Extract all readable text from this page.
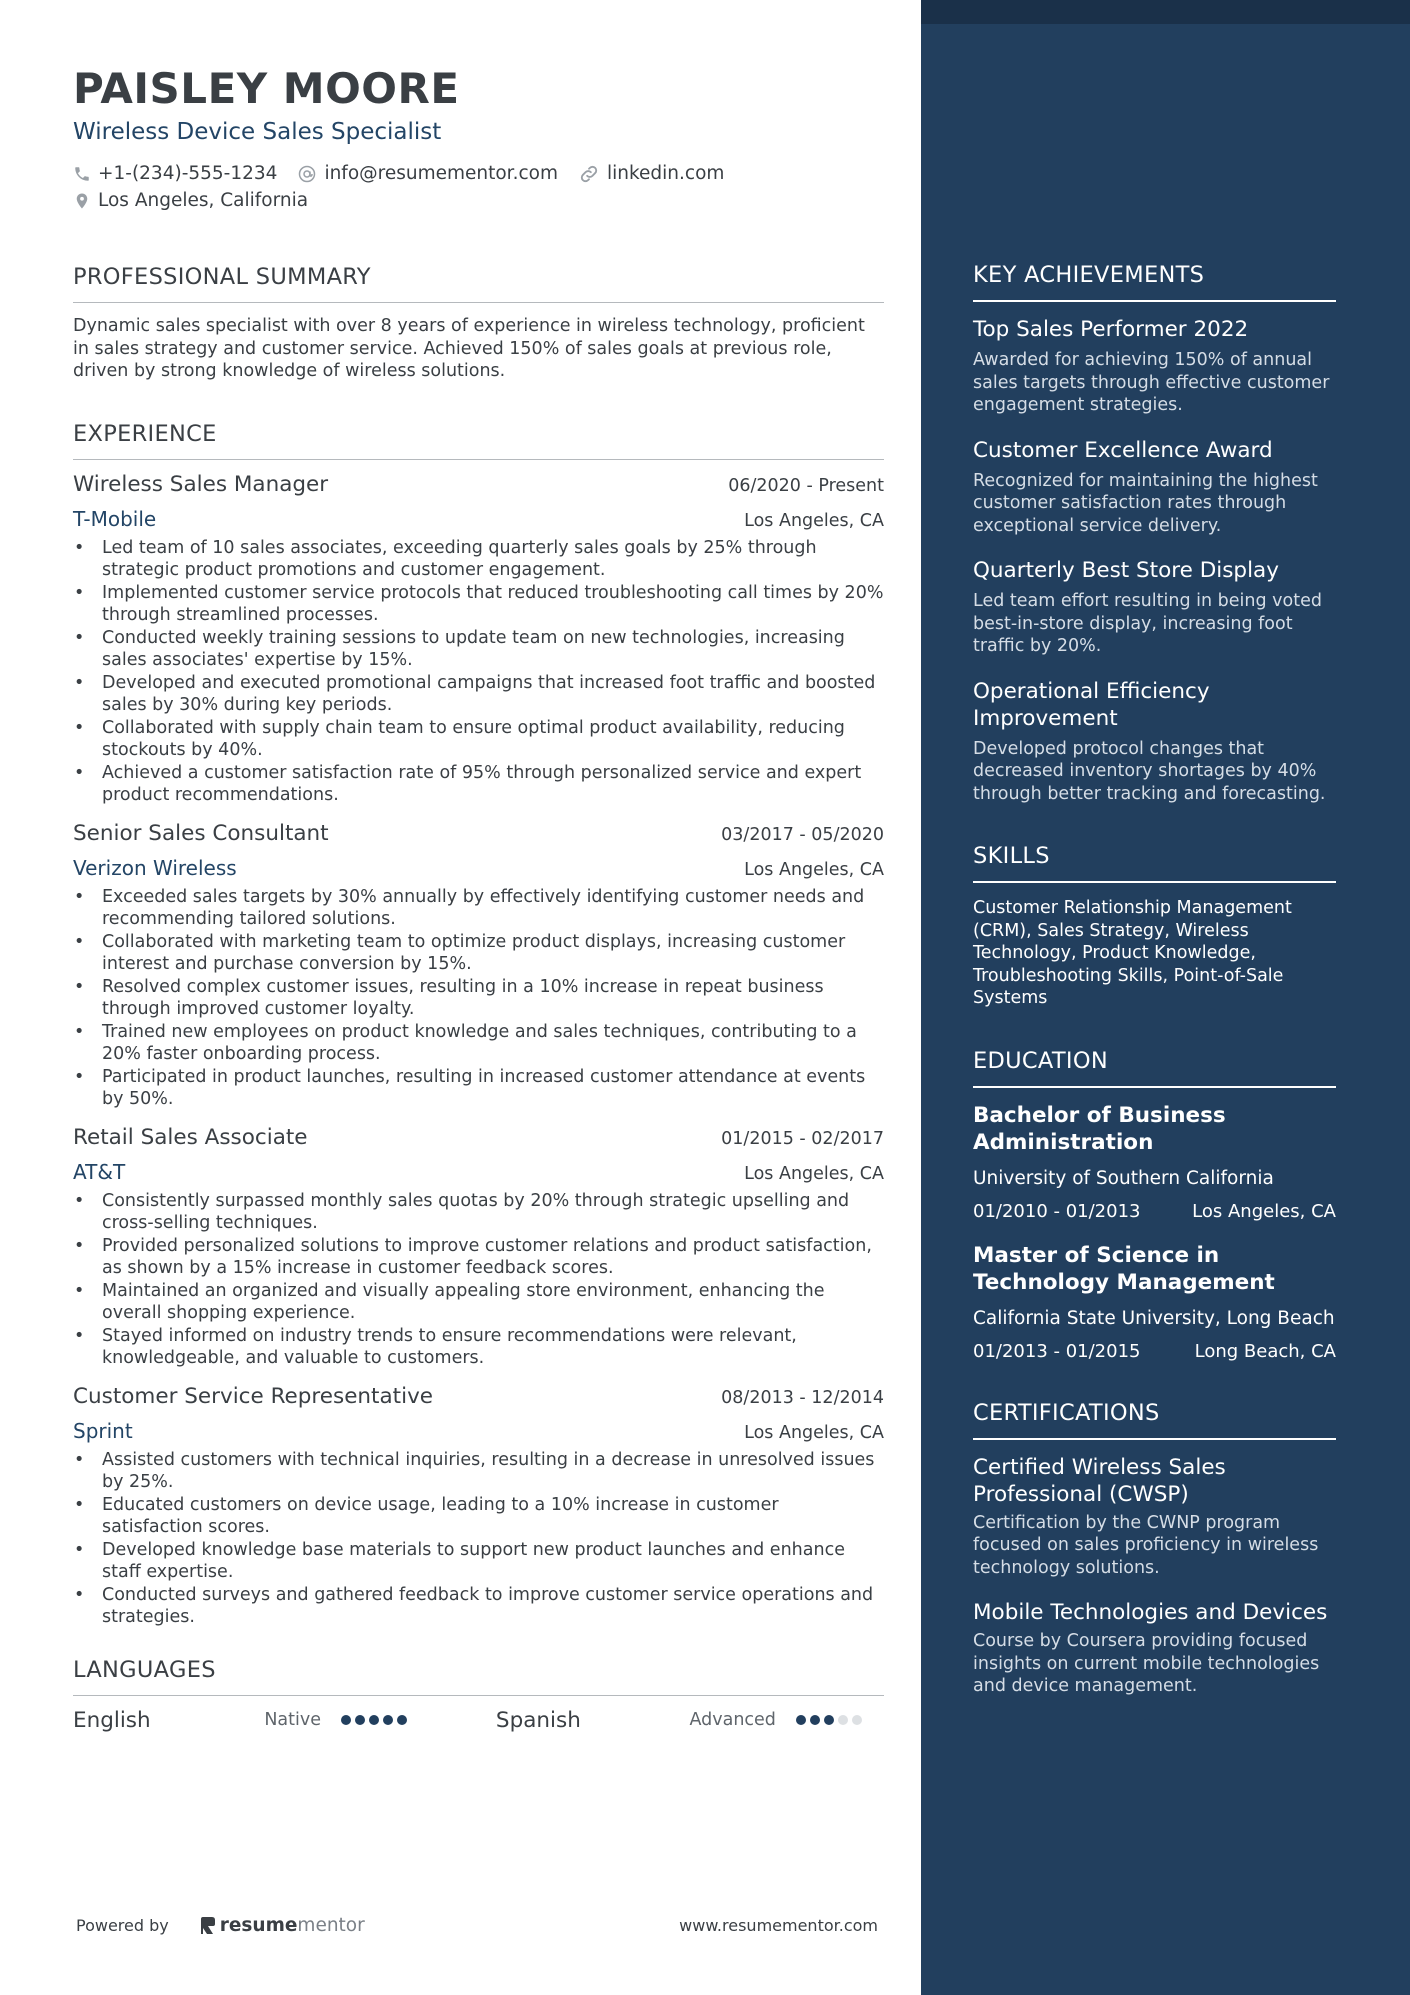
PAISLEY MOORE
Wireless Device Sales Specialist
+1-(234)-555-1234	info@resumementor.com	linkedin.com
Los Angeles, California
PROFESSIONAL SUMMARY
Dynamic sales specialist with over 8 years of experience in wireless technology, proficient in sales strategy and customer service. Achieved 150% of sales goals at previous role, driven by strong knowledge of wireless solutions.
EXPERIENCE
Wireless Sales Manager	06/2020 - Present
T-Mobile	Los Angeles, CA
• Led team of 10 sales associates, exceeding quarterly sales goals by 25% through strategic product promotions and customer engagement.
• Implemented customer service protocols that reduced troubleshooting call times by 20% through streamlined processes.
• Conducted weekly training sessions to update team on new technologies, increasing sales associates' expertise by 15%.
• Developed and executed promotional campaigns that increased foot traffic and boosted sales by 30% during key periods.
• Collaborated with supply chain team to ensure optimal product availability, reducing stockouts by 40%.
• Achieved a customer satisfaction rate of 95% through personalized service and expert product recommendations.
Senior Sales Consultant	03/2017 - 05/2020
Verizon Wireless	Los Angeles, CA
• Exceeded sales targets by 30% annually by effectively identifying customer needs and recommending tailored solutions.
• Collaborated with marketing team to optimize product displays, increasing customer interest and purchase conversion by 15%.
• Resolved complex customer issues, resulting in a 10% increase in repeat business through improved customer loyalty.
• Trained new employees on product knowledge and sales techniques, contributing to a 20% faster onboarding process.
• Participated in product launches, resulting in increased customer attendance at events by 50%.
Retail Sales Associate	01/2015 - 02/2017
AT&T	Los Angeles, CA
• Consistently surpassed monthly sales quotas by 20% through strategic upselling and cross-selling techniques.
• Provided personalized solutions to improve customer relations and product satisfaction, as shown by a 15% increase in customer feedback scores.
• Maintained an organized and visually appealing store environment, enhancing the overall shopping experience.
• Stayed informed on industry trends to ensure recommendations were relevant, knowledgeable, and valuable to customers.
Customer Service Representative	08/2013 - 12/2014
Sprint	Los Angeles, CA
• Assisted customers with technical inquiries, resulting in a decrease in unresolved issues by 25%.
• Educated customers on device usage, leading to a 10% increase in customer satisfaction scores.
• Developed knowledge base materials to support new product launches and enhance staff expertise.
• Conducted surveys and gathered feedback to improve customer service operations and strategies.
LANGUAGES
English	Native	Spanish	Advanced
Powered by	resume mentor	www.resumementor.com
KEY ACHIEVEMENTS
Top Sales Performer 2022
Awarded for achieving 150% of annual sales targets through effective customer engagement strategies.
Customer Excellence Award
Recognized for maintaining the highest customer satisfaction rates through exceptional service delivery.
Quarterly Best Store Display
Led team effort resulting in being voted best-in-store display, increasing foot traffic by 20%.
Operational Efficiency Improvement
Developed protocol changes that decreased inventory shortages by 40% through better tracking and forecasting.
SKILLS
Customer Relationship Management (CRM), Sales Strategy, Wireless Technology, Product Knowledge, Troubleshooting Skills, Point-of-Sale Systems
EDUCATION
Bachelor of Business Administration
University of Southern California
01/2010 - 01/2013	Los Angeles, CA
Master of Science in Technology Management
California State University, Long Beach
01/2013 - 01/2015	Long Beach, CA
CERTIFICATIONS
Certified Wireless Sales Professional (CWSP)
Certification by the CWNP program focused on sales proficiency in wireless technology solutions.
Mobile Technologies and Devices
Course by Coursera providing focused insights on current mobile technologies and device management.
